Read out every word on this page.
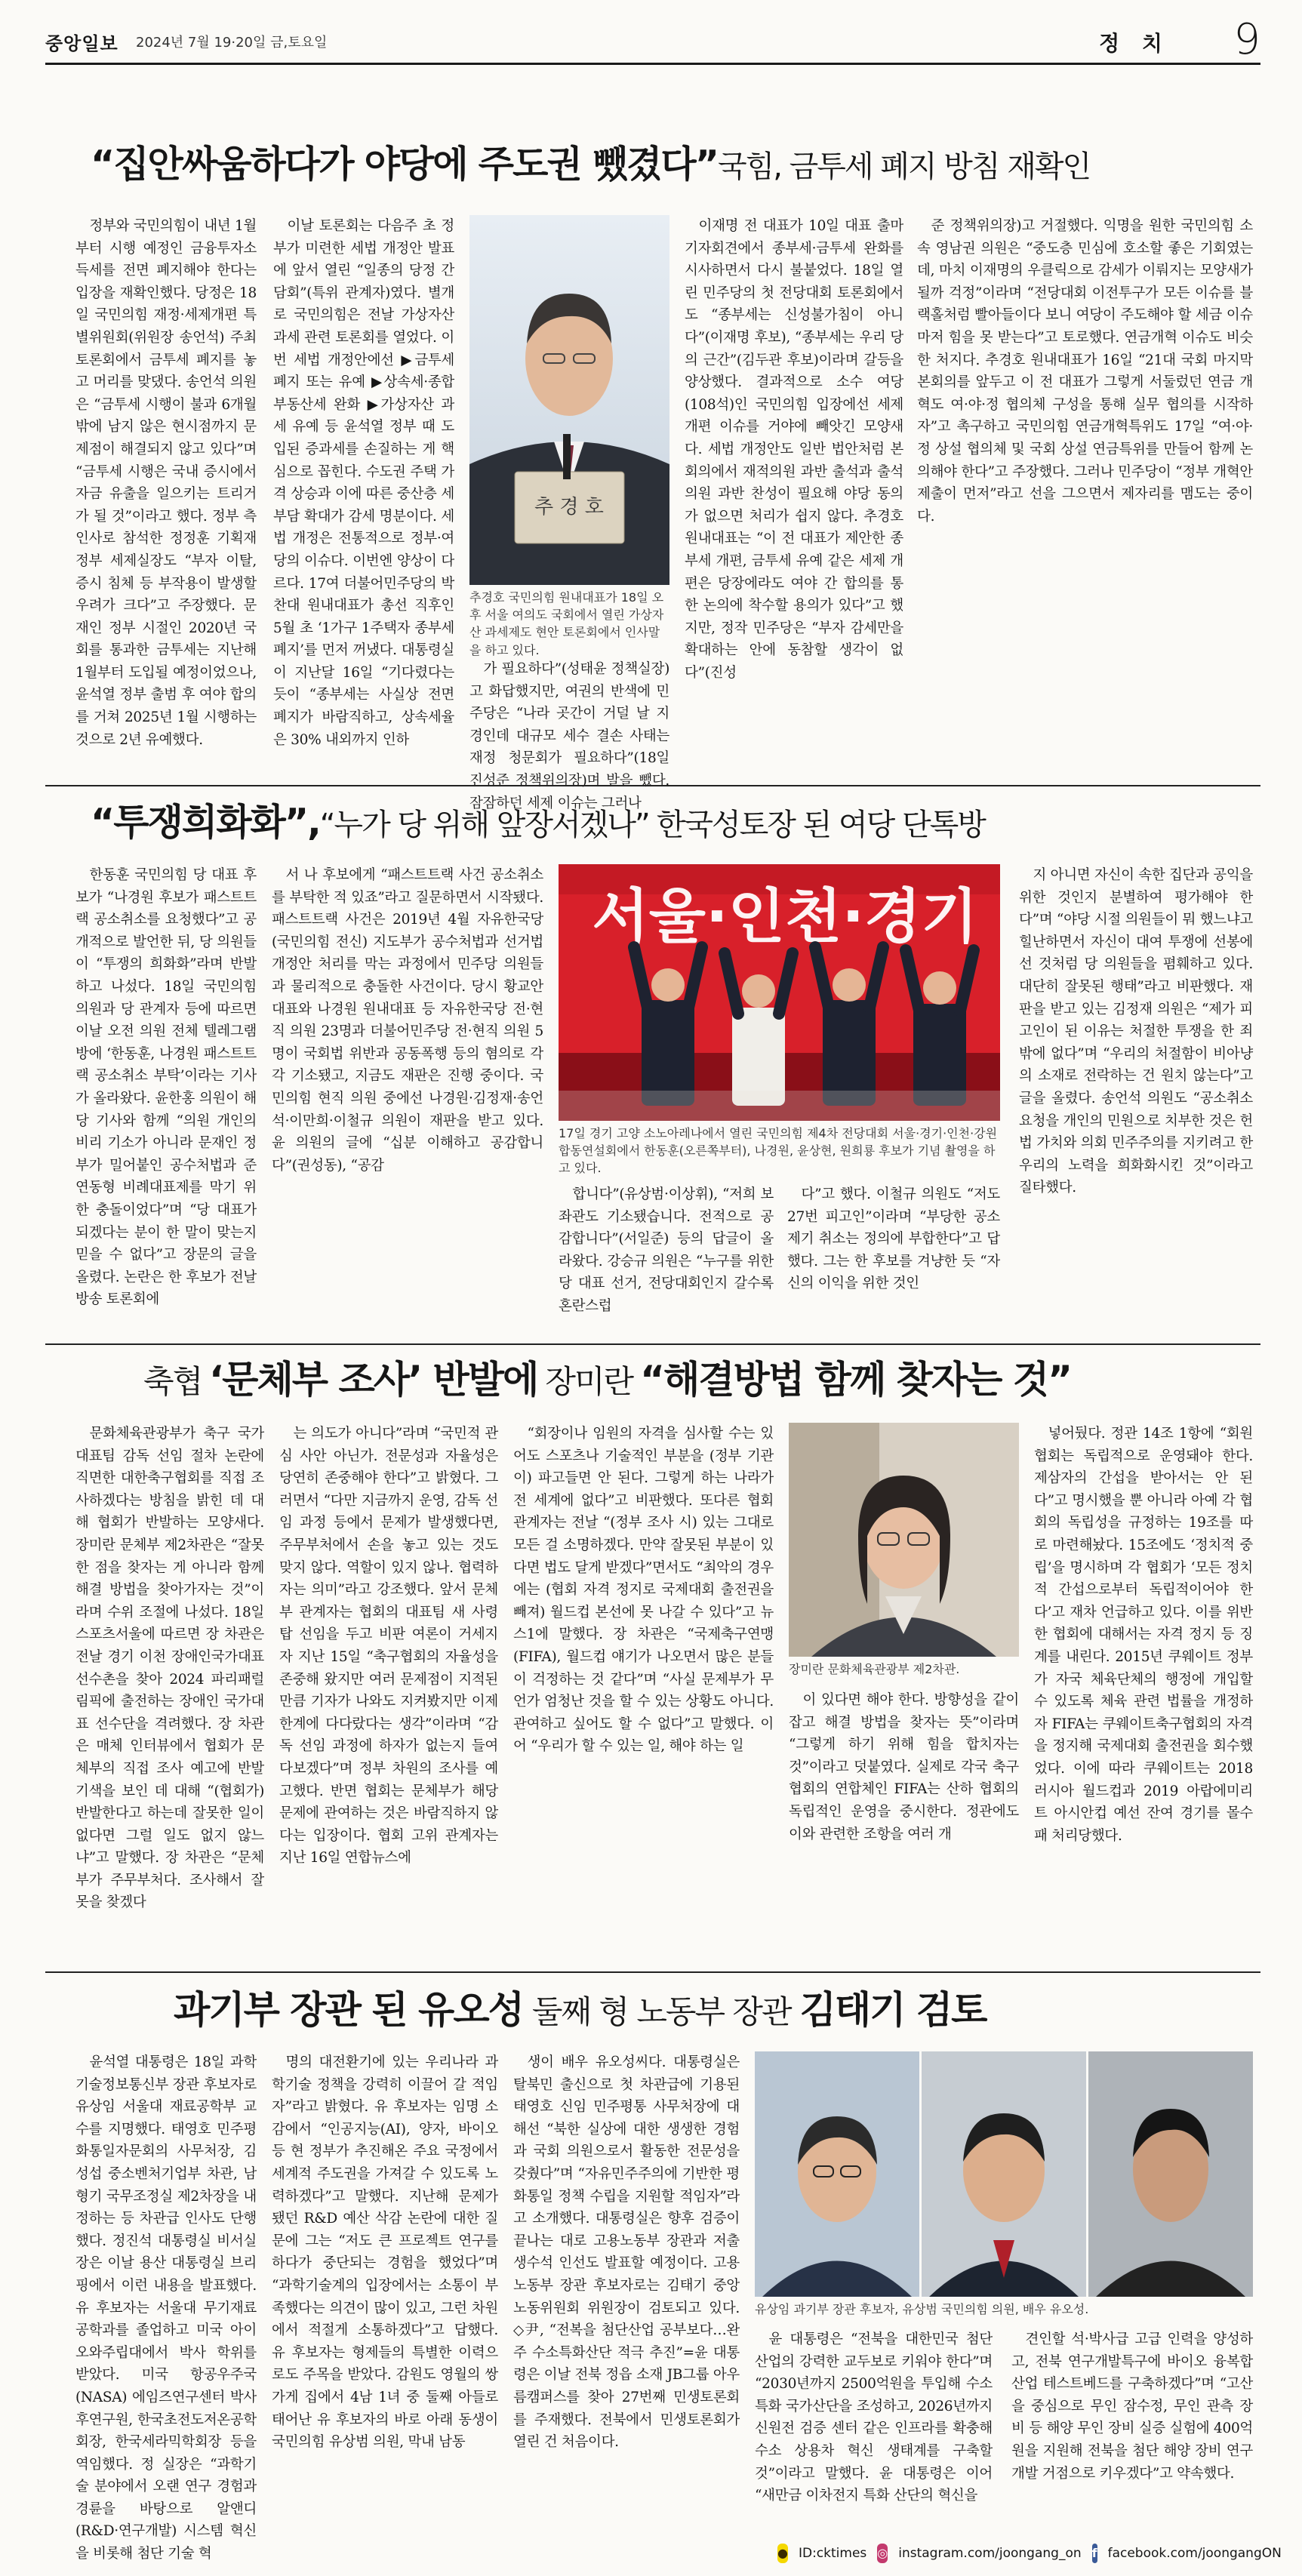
중앙일보 2024년 7월 19·20일 금,토요일	정 치 9
“집안싸움하다가 야당에 주도권 뺐겼다”국힘, 금투세 폐지 방침 재확인

정부와 국민의힘이 내년 1월부터 시행 예정인 금융투자소득세를 전면 폐지해야 한다는 입장을 재확인했다. 당정은 18일 국민의힘 재정·세제개편 특별위원회(위원장 송언석) 주최 토론회에서 금투세 폐지를 놓고 머리를 맞댔다. 송언석 의원은 “금투세 시행이 불과 6개월밖에 남지 않은 현시점까지 문제점이 해결되지 않고 있다”며 “금투세 시행은 국내 증시에서 자금 유출을 일으키는 트리거가 될 것”이라고 했다. 정부 측 인사로 참석한 정정훈 기획재정부 세제실장도 “부자 이탈, 증시 침체 등 부작용이 발생할 우려가 크다”고 주장했다. 문재인 정부 시절인 2020년 국회를 통과한 금투세는 지난해 1월부터 도입될 예정이었으나, 윤석열 정부 출범 후 여야 합의를 거쳐 2025년 1월 시행하는 것으로 2년 유예했다.

이날 토론회는 다음주 초 정부가 미련한 세법 개정안 발표에 앞서 열린 “일종의 당정 간담회”(특위 관계자)였다. 별개로 국민의힘은 전날 가상자산 과세 관련 토론회를 열었다. 이번 세법 개정안에선 ▶금투세 폐지 또는 유예 ▶상속세·종합부동산세 완화 ▶가상자산 과세 유예 등 윤석열 정부 때 도입된 증과세를 손질하는 게 핵심으로 꼽힌다. 수도권 주택 가격 상승과 이에 따른 중산층 세 부담 확대가 감세 명분이다. 세법 개정은 전통적으로 정부·여당의 이슈다. 이번엔 양상이 다르다. 17여 더불어민주당의 박찬대 원내대표가 총선 직후인 5월 초 ‘1가구 1주택자 종부세 폐지’를 먼저 꺼냈다. 대통령실이 지난달 16일 “기다렸다는 듯이 “종부세는 사실상 전면 폐지가 바람직하고, 상속세율은 30% 내외까지 인하

추 경 호
추경호 국민의힘 원내대표가 18일 오후 서울 여의도 국회에서 열린 가상자산 과세제도 현안 토론회에서 인사말을 하고 있다.

가 필요하다”(성태윤 정책실장)고 화답했지만, 여권의 반색에 민주당은 “나라 곳간이 거덜 날 지경인데 대규모 세수 결손 사태는 재정 청문회가 필요하다”(18일 진성준 정책위의장)며 발을 뺐다. 잠잠하던 세제 이슈는 그러나

이재명 전 대표가 10일 대표 출마 기자회견에서 종부세·금투세 완화를 시사하면서 다시 불붙었다. 18일 열린 민주당의 첫 전당대회 토론회에서도 “종부세는 신성불가침이 아니다”(이재명 후보), “종부세는 우리 당의 근간”(김두관 후보)이라며 갈등을 양상했다. 결과적으로 소수 여당(108석)인 국민의힘 입장에선 세제 개편 이슈를 거야에 빼앗긴 모양새다. 세법 개정안도 일반 법안처럼 본회의에서 재적의원 과반 출석과 출석 의원 과반 찬성이 필요해 야당 동의가 없으면 처리가 쉽지 않다. 추경호 원내대표는 “이 전 대표가 제안한 종부세 개편, 금투세 유예 같은 세제 개편은 당장에라도 여야 간 합의를 통한 논의에 착수할 용의가 있다”고 했지만, 정작 민주당은 “부자 감세만을 확대하는 안에 동참할 생각이 없다”(진성

준 정책위의장)고 거절했다. 익명을 원한 국민의힘 소속 영남권 의원은 “중도층 민심에 호소할 좋은 기회였는데, 마치 이재명의 우클릭으로 감세가 이뤄지는 모양새가 될까 걱정”이라며 “전당대회 이전투구가 모든 이슈를 블랙홀처럼 빨아들이다 보니 여당이 주도해야 할 세금 이슈마저 힘을 못 받는다”고 토로했다. 연금개혁 이슈도 비슷한 처지다. 추경호 원내대표가 16일 “21대 국회 마지막 본회의를 앞두고 이 전 대표가 그렇게 서둘렀던 연금 개혁도 여·야·정 협의체 구성을 통해 실무 협의를 시작하자”고 촉구하고 국민의힘 연금개혁특위도 17일 “여·야·정 상설 협의체 및 국회 상설 연금특위를 만들어 함께 논의해야 한다”고 주장했다. 그러나 민주당이 “정부 개혁안 제출이 먼저”라고 선을 그으면서 제자리를 맴도는 중이다.

“투쟁희화화”,“누가 당 위해 앞장서겠나” 한국성토장 된 여당 단톡방

한동훈 국민의힘 당 대표 후보가 “나경원 후보가 패스트트랙 공소취소를 요청했다”고 공개적으로 발언한 뒤, 당 의원들이 “투쟁의 희화화”라며 반발하고 나섰다. 18일 국민의힘 의원과 당 관계자 등에 따르면 이날 오전 의원 전체 텔레그램방에 ‘한동훈, 나경원 패스트트랙 공소취소 부탁’이라는 기사가 올라왔다. 윤한홍 의원이 해당 기사와 함께 “의원 개인의 비리 기소가 아니라 문재인 정부가 밀어붙인 공수처법과 준연동형 비례대표제를 막기 위한 충돌이었다”며 “당 대표가 되겠다는 분이 한 말이 맞는지 믿을 수 없다”고 장문의 글을 올렸다. 논란은 한 후보가 전날 방송 토론회에

서 나 후보에게 “패스트트랙 사건 공소취소를 부탁한 적 있죠”라고 질문하면서 시작됐다. 패스트트랙 사건은 2019년 4월 자유한국당(국민의힘 전신) 지도부가 공수처법과 선거법 개정안 처리를 막는 과정에서 민주당 의원들과 물리적으로 충돌한 사건이다. 당시 황교안 대표와 나경원 원내대표 등 자유한국당 전·현직 의원 23명과 더불어민주당 전·현직 의원 5명이 국회법 위반과 공동폭행 등의 혐의로 각각 기소됐고, 지금도 재판은 진행 중이다. 국민의힘 현직 의원 중에선 나경원·김정재·송언석·이만희·이철규 의원이 재판을 받고 있다. 윤 의원의 글에 “십분 이해하고 공감합니다”(권성동), “공감

서울·인천·경기
17일 경기 고양 소노아레나에서 열린 국민의힘 제4차 전당대회 서울·경기·인천·강원 합동연설회에서 한동훈(오른쪽부터), 나경원, 윤상현, 원희룡 후보가 기념 촬영을 하고 있다.

합니다”(유상범·이상휘), “저희 보좌관도 기소됐습니다. 전적으로 공감합니다”(서일준) 등의 답글이 올라왔다. 강승규 의원은 “누구를 위한 당 대표 선거, 전당대회인지 갈수록 혼란스럽

다”고 했다. 이철규 의원도 “저도 27번 피고인”이라며 “부당한 공소제기 취소는 정의에 부합한다”고 답했다. 그는 한 후보를 겨냥한 듯 “자신의 이익을 위한 것인

지 아니면 자신이 속한 집단과 공익을 위한 것인지 분별하여 평가해야 한다”며 “야당 시절 의원들이 뭐 했느냐고 힐난하면서 자신이 대여 투쟁에 선봉에 선 것처럼 당 의원들을 폄훼하고 있다. 대단히 잘못된 행태”라고 비판했다. 재판을 받고 있는 김정재 의원은 “제가 피고인이 된 이유는 처절한 투쟁을 한 죄 밖에 없다”며 “우리의 처절함이 비아냥의 소재로 전락하는 건 원치 않는다”고 글을 올렸다. 송언석 의원도 “공소취소 요청을 개인의 민원으로 치부한 것은 헌법 가치와 의회 민주주의를 지키려고 한 우리의 노력을 희화화시킨 것”이라고 질타했다.

축협 ‘문체부 조사’ 반발에 장미란 “해결방법 함께 찾자는 것”

문화체육관광부가 축구 국가대표팀 감독 선임 절차 논란에 직면한 대한축구협회를 직접 조사하겠다는 방침을 밝힌 데 대해 협회가 반발하는 모양새다. 장미란 문체부 제2차관은 “잘못한 점을 찾자는 게 아니라 함께 해결 방법을 찾아가자는 것”이라며 수위 조절에 나섰다. 18일 스포츠서울에 따르면 장 차관은 전날 경기 이천 장애인국가대표 선수촌을 찾아 2024 파리패럴림픽에 출전하는 장애인 국가대표 선수단을 격려했다. 장 차관은 매체 인터뷰에서 협회가 문체부의 직접 조사 예고에 반발 기색을 보인 데 대해 “(협회가) 반발한다고 하는데 잘못한 일이 없다면 그럴 일도 없지 않느냐”고 말했다. 장 차관은 “문체부가 주무부처다. 조사해서 잘못을 찾겠다

는 의도가 아니다”라며 “국민적 관심 사안 아닌가. 전문성과 자율성은 당연히 존중해야 한다”고 밝혔다. 그러면서 “다만 지금까지 운영, 감독 선임 과정 등에서 문제가 발생했다면, 주무부처에서 손을 놓고 있는 것도 맞지 않다. 역할이 있지 않나. 협력하자는 의미”라고 강조했다. 앞서 문체부 관계자는 협회의 대표팀 새 사령탑 선임을 두고 비판 여론이 거세지자 지난 15일 “축구협회의 자율성을 존중해 왔지만 여러 문제점이 지적된 만큼 기자가 나와도 지켜봤지만 이제 한계에 다다랐다는 생각”이라며 “감독 선임 과정에 하자가 없는지 들여다보겠다”며 정부 차원의 조사를 예고했다. 반면 협회는 문체부가 해당 문제에 관여하는 것은 바람직하지 않다는 입장이다. 협회 고위 관계자는 지난 16일 연합뉴스에

“회장이나 임원의 자격을 심사할 수는 있어도 스포츠나 기술적인 부분을 (정부 기관이) 파고들면 안 된다. 그렇게 하는 나라가 전 세계에 없다”고 비판했다. 또다른 협회 관계자는 전날 “(정부 조사 시) 있는 그대로 모든 걸 소명하겠다. 만약 잘못된 부분이 있다면 법도 달게 받겠다”면서도 “최악의 경우에는 (협회 자격 정지로 국제대회 출전권을 빼져) 월드컵 본선에 못 나갈 수 있다”고 뉴스1에 말했다. 장 차관은 “국제축구연맹(FIFA), 월드컵 얘기가 나오면서 많은 분들이 걱정하는 것 같다”며 “사실 문제부가 무언가 엄청난 것을 할 수 있는 상황도 아니다. 관여하고 싶어도 할 수 없다”고 말했다. 이어 “우리가 할 수 있는 일, 해야 하는 일

장미란 문화체육관광부 제2차관.

이 있다면 해야 한다. 방향성을 같이 잡고 해결 방법을 찾자는 뜻”이라며 “그렇게 하기 위해 힘을 합치자는 것”이라고 덧붙였다. 실제로 각국 축구협회의 연합체인 FIFA는 산하 협회의 독립적인 운영을 중시한다. 정관에도 이와 관련한 조항을 여러 개

넣어뒀다. 정관 14조 1항에 “회원 협회는 독립적으로 운영돼야 한다. 제삼자의 간섭을 받아서는 안 된다”고 명시했을 뿐 아니라 아예 각 협회의 독립성을 규정하는 19조를 따로 마련해놨다. 15조에도 ‘정치적 중립’을 명시하며 각 협회가 ‘모든 정치적 간섭으로부터 독립적이어야 한다’고 재차 언급하고 있다. 이를 위반한 협회에 대해서는 자격 정지 등 징계를 내린다. 2015년 쿠웨이트 정부가 자국 체육단체의 행정에 개입할 수 있도록 체육 관련 법률을 개정하자 FIFA는 쿠웨이트축구협회의 자격을 정지해 국제대회 출전권을 회수했었다. 이에 따라 쿠웨이트는 2018 러시아 월드컵과 2019 아랍에미리트 아시안컵 예선 잔여 경기를 몰수패 처리당했다.

과기부 장관 된 유오성 둘째 형 노동부 장관 김태기 검토

윤석열 대통령은 18일 과학기술정보통신부 장관 후보자로 유상임 서울대 재료공학부 교수를 지명했다. 태영호 민주평화통일자문회의 사무처장, 김성섭 중소벤처기업부 차관, 남형기 국무조정실 제2차장을 내정하는 등 차관급 인사도 단행했다. 정진석 대통령실 비서실장은 이날 용산 대통령실 브리핑에서 이런 내용을 발표했다. 유 후보자는 서울대 무기재료공학과를 졸업하고 미국 아이오와주립대에서 박사 학위를 받았다. 미국 항공우주국(NASA) 에임즈연구센터 박사후연구원, 한국초전도저온공학회장, 한국세라믹학회장 등을 역임했다. 정 실장은 “과학기술 분야에서 오랜 연구 경험과 경륜을 바탕으로 알앤디(R&D·연구개발) 시스템 혁신을 비롯해 첨단 기술 혁

명의 대전환기에 있는 우리나라 과학기술 정책을 강력히 이끌어 갈 적임자”라고 밝혔다. 유 후보자는 임명 소감에서 “인공지능(AI), 양자, 바이오 등 현 정부가 추진해온 주요 국정에서 세계적 주도권을 가져갈 수 있도록 노력하겠다”고 말했다. 지난해 문제가 됐던 R&D 예산 삭감 논란에 대한 질문에 그는 “저도 큰 프로젝트 연구를 하다가 중단되는 경험을 했었다”며 “과학기술계의 입장에서는 소통이 부족했다는 의견이 많이 있고, 그런 차원에서 적절게 소통하겠다”고 답했다. 유 후보자는 형제들의 특별한 이력으로도 주목을 받았다. 감원도 영월의 쌍가게 집에서 4남 1녀 중 둘째 아들로 태어난 유 후보자의 바로 아래 동생이 국민의힘 유상범 의원, 막내 남동

생이 배우 유오성씨다. 대통령실은 탈북민 출신으로 첫 차관급에 기용된 태영호 신임 민주평통 사무처장에 대해선 “북한 실상에 대한 생생한 경험과 국회 의원으로서 활동한 전문성을 갖췄다”며 “자유민주주의에 기반한 평화통일 정책 수립을 지원할 적임자”라고 소개했다. 대통령실은 향후 검증이 끝나는 대로 고용노동부 장관과 저출생수석 인선도 발표할 예정이다. 고용노동부 장관 후보자로는 김태기 중앙노동위원회 위원장이 검토되고 있다. ◇尹, “전복을 첨단산업 공부보다…완주 수소특화산단 적극 추진”=윤 대통령은 이날 전북 정읍 소재 JB그룹 아우름캠퍼스를 찾아 27번째 민생토론회를 주재했다. 전북에서 민생토론회가 열린 건 처음이다.

유상임 과기부 장관 후보자, 유상범 국민의힘 의원, 배우 유오성.

윤 대통령은 “전북을 대한민국 첨단 산업의 강력한 교두보로 키워야 한다”며 “2030년까지 2500억원을 투입해 수소특화 국가산단을 조성하고, 2026년까지 신원전 검증 센터 같은 인프라를 확충해 수소 상용차 혁신 생태계를 구축할 것”이라고 말했다. 윤 대통령은 이어 “새만금 이차전지 특화 산단의 혁신을

견인할 석·박사급 고급 인력을 양성하고, 전북 연구개발특구에 바이오 융복합 산업 테스트베드를 구축하겠다”며 “고산을 중심으로 무인 잠수정, 무인 관측 장비 등 해양 무인 장비 실증 실험에 400억원을 지원해 전북을 첨단 해양 장비 연구개발 거점으로 키우겠다”고 약속했다.

● ID:cktimes ◎ instagram.com/joongang_on f facebook.com/joongangON
